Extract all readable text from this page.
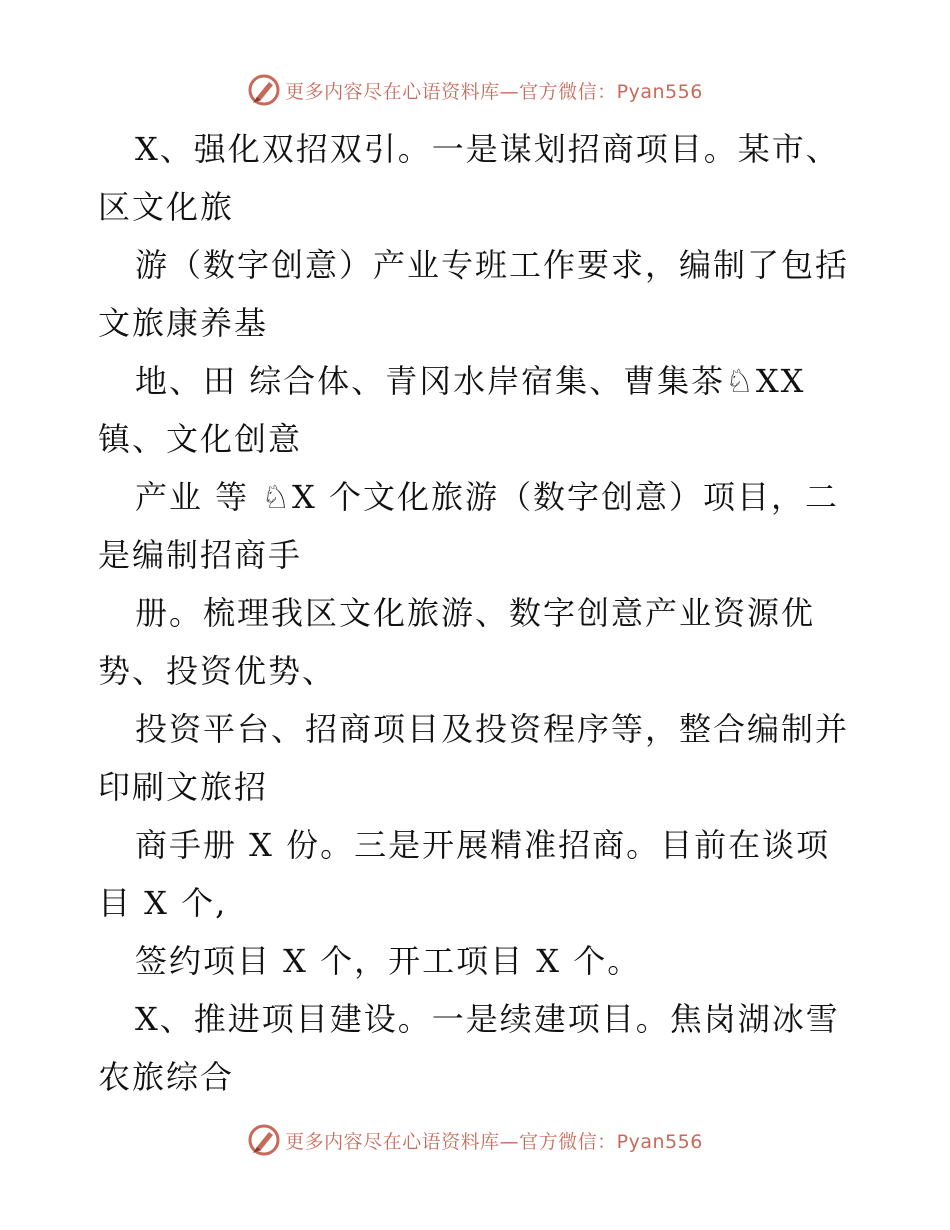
更多内容尽在心语资料库—官方微信：Pyan556
X、强化双招双引。一是谋划招商项目。某市、
区文化旅
游（数字创意）产业专班工作要求，编制了包括
文旅康养基
地、田 综合体、青冈水岸宿集、曹集茶♘XX
镇、文化创意
产业 等 ♘X 个文化旅游（数字创意）项目，二
是编制招商手
册。梳理我区文化旅游、数字创意产业资源优
势、投资优势、
投资平台、招商项目及投资程序等，整合编制并
印刷文旅招
商手册 X 份。三是开展精准招商。目前在谈项
目 X 个,
签约项目 X 个，开工项目 X 个。
X、推进项目建设。一是续建项目。焦岗湖冰雪
农旅综合
更多内容尽在心语资料库—官方微信：Pyan556
